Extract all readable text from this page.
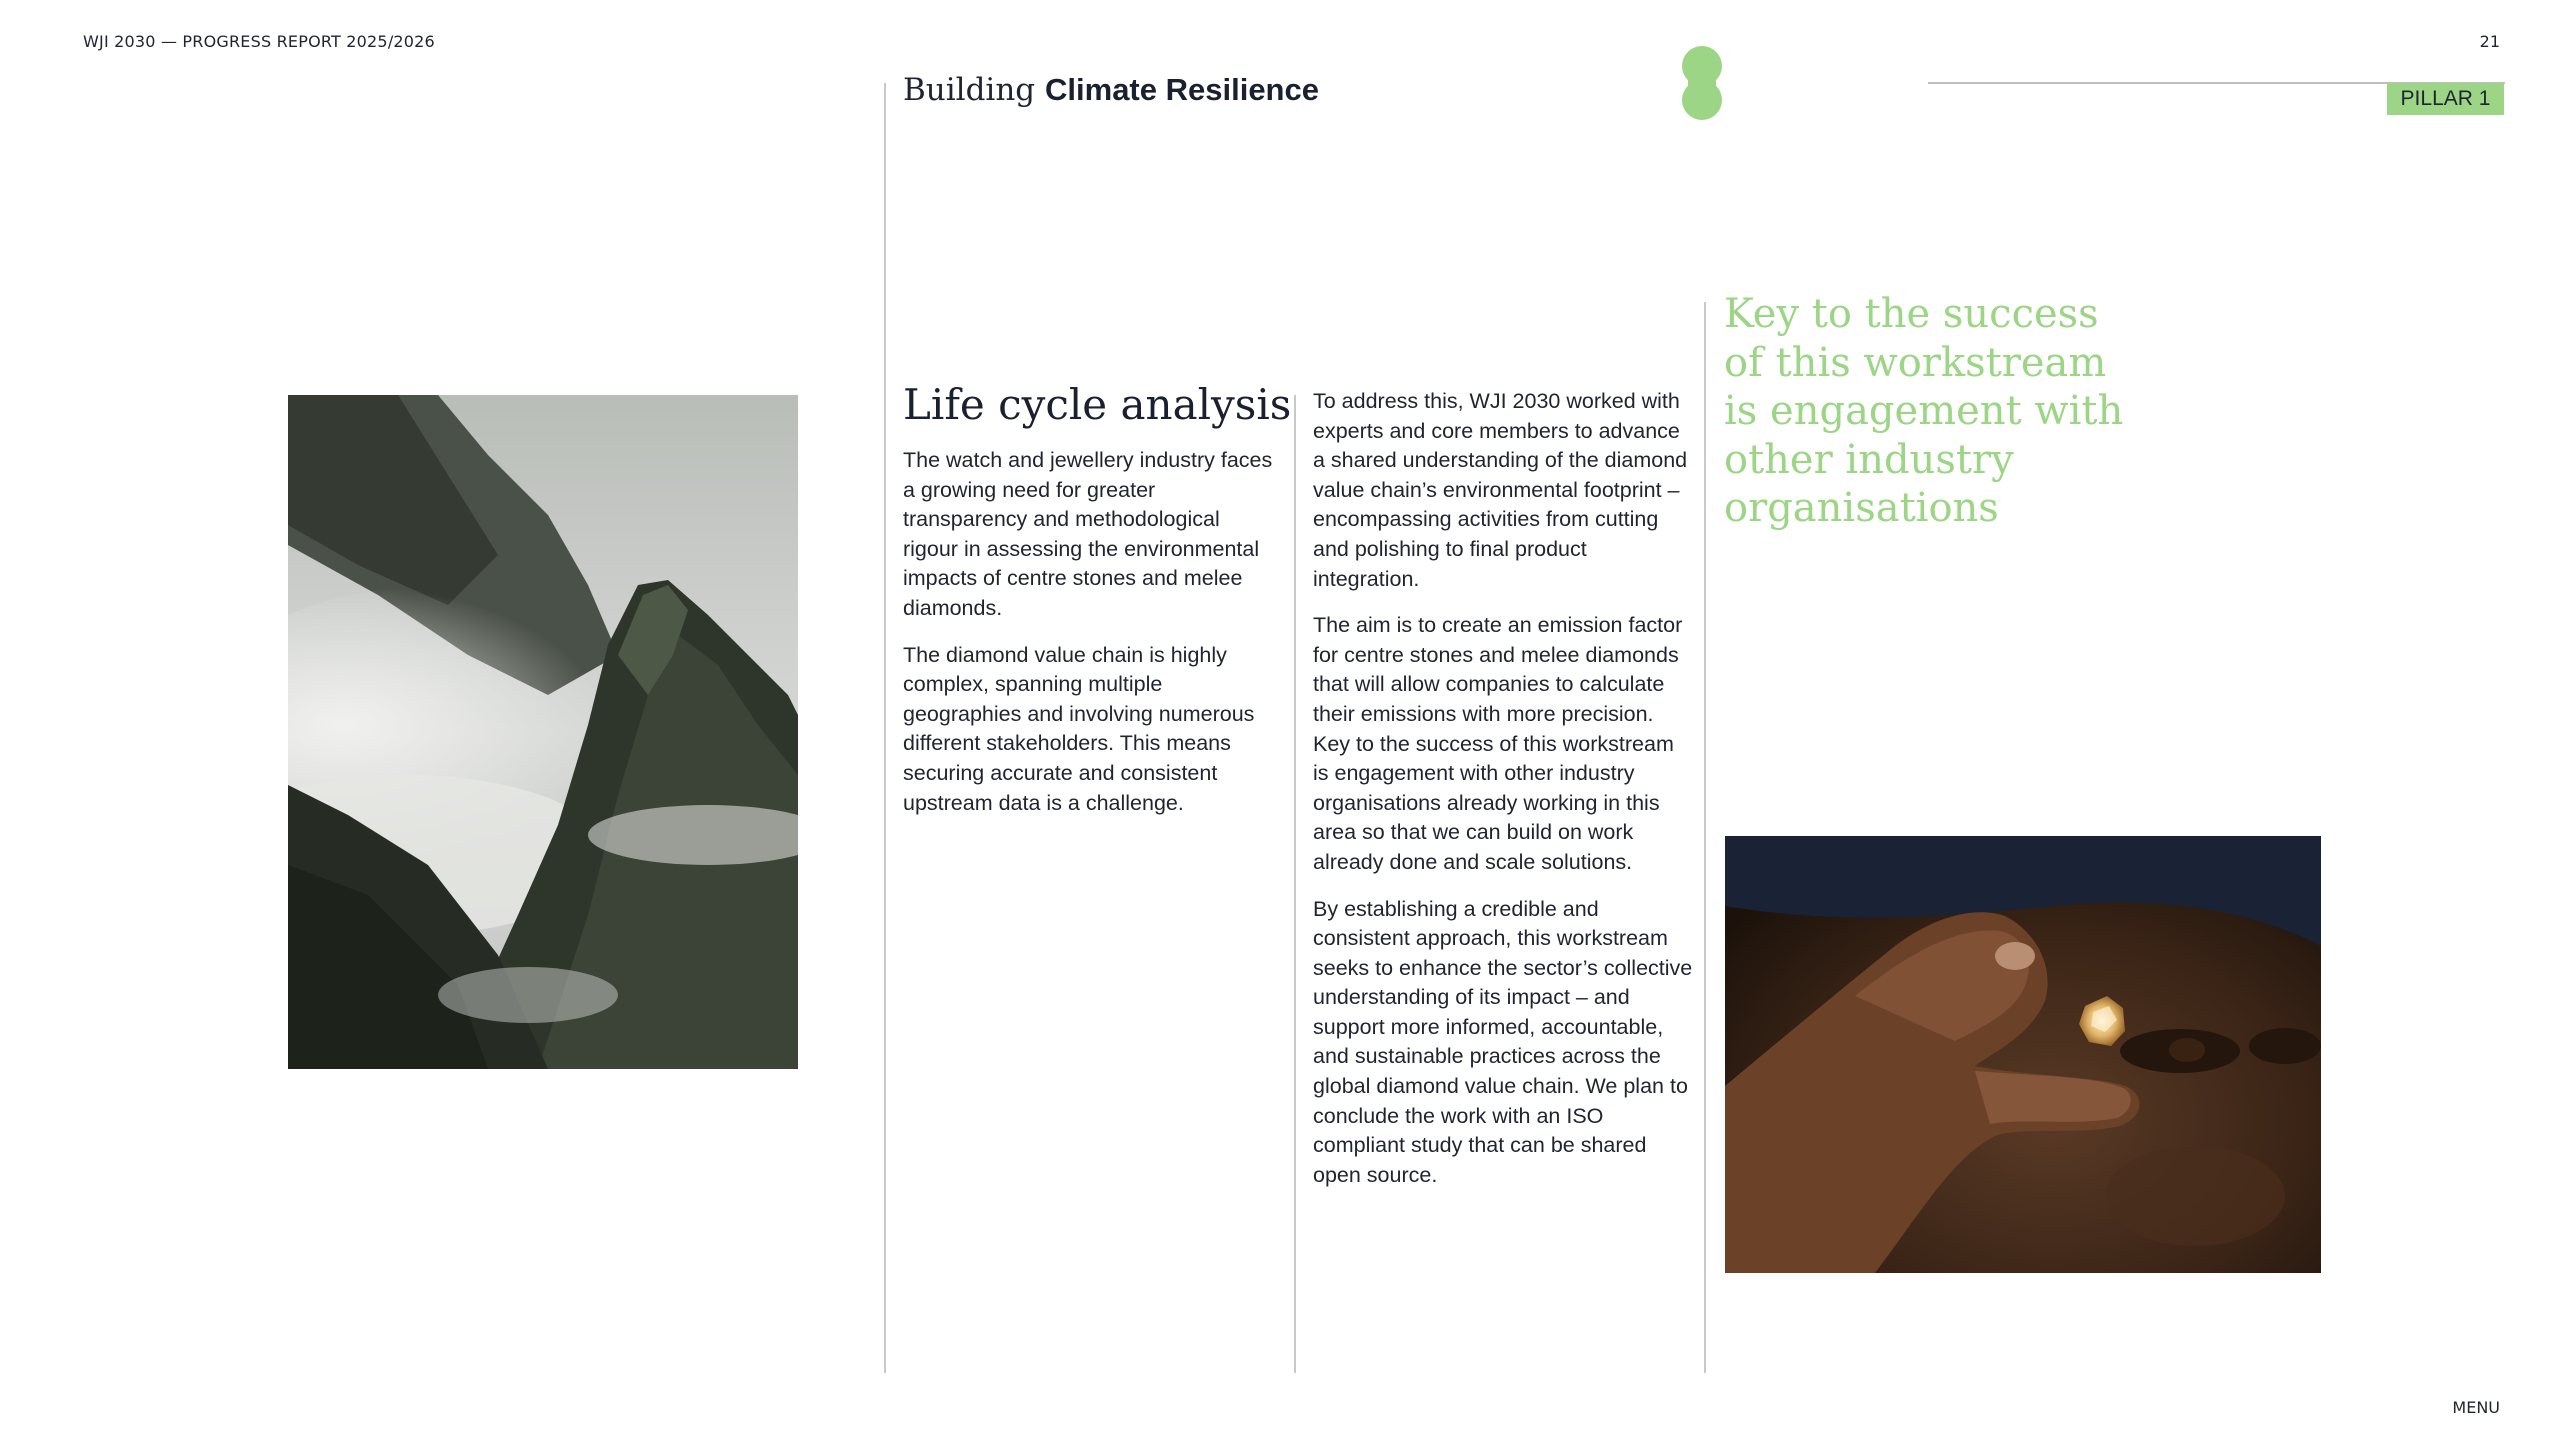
WJI 2030 — PROGRESS REPORT 2025/2026	21
Building Climate Resilience	PILLAR 1
Life cycle analysis

The watch and jewellery industry faces a growing need for greater transparency and methodological rigour in assessing the environmental impacts of centre stones and melee diamonds.

The diamond value chain is highly complex, spanning multiple geographies and involving numerous different stakeholders. This means securing accurate and consistent upstream data is a challenge.

To address this, WJI 2030 worked with experts and core members to advance a shared understanding of the diamond value chain’s environmental footprint – encompassing activities from cutting and polishing to final product integration.

The aim is to create an emission factor for centre stones and melee diamonds that will allow companies to calculate their emissions with more precision. Key to the success of this workstream is engagement with other industry organisations already working in this area so that we can build on work already done and scale solutions.

By establishing a credible and consistent approach, this workstream seeks to enhance the sector’s collective understanding of its impact – and support more informed, accountable, and sustainable practices across the global diamond value chain. We plan to conclude the work with an ISO compliant study that can be shared open source.

Key to the success of this workstream is engagement with other industry organisations
MENU
